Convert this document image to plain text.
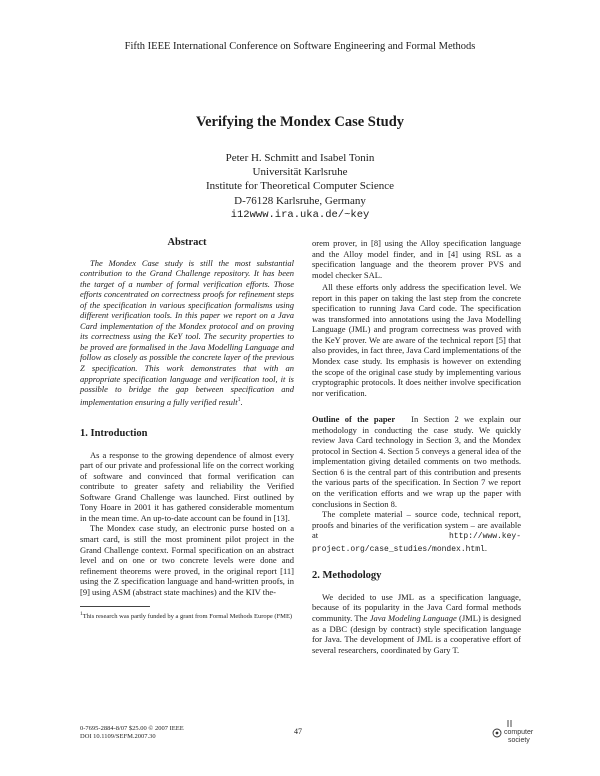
Fifth IEEE International Conference on Software Engineering and Formal Methods
Verifying the Mondex Case Study
Peter H. Schmitt and Isabel Tonin
Universität Karlsruhe
Institute for Theoretical Computer Science
D-76128 Karlsruhe, Germany
i12www.ira.uka.de/~key
Abstract

The Mondex Case study is still the most substantial contribution to the Grand Challenge repository. It has been the target of a number of formal verification efforts. Those efforts concentrated on correctness proofs for refinement steps of the specification in various specification formalisms using different verification tools. In this paper we report on a Java Card implementation of the Mondex protocol and on proving its correctness using the KeY tool. The security properties to be proved are formalised in the Java Modelling Language and follow as closely as possible the concrete layer of the previous Z specification. This work demonstrates that with an appropriate specification language and verification tool, it is possible to bridge the gap between specification and implementation ensuring a fully verified result$^1$.

1. Introduction

As a response to the growing dependence of almost every part of our private and professional life on the correct working of software and convinced that formal verification can contribute to greater safety and reliability the Verified Software Grand Challenge was launched. First outlined by Tony Hoare in 2001 it has gathered considerable momentum in the mean time. An up-to-date account can be found in [13].

The Mondex case study, an electronic purse hosted on a smart card, is still the most prominent pilot project in the Grand Challenge context. Formal specification on an abstract level and on one or two concrete levels were done and refinement theorems were proved, in the original report [11] using the Z specification language and hand-written proofs, in [9] using ASM (abstract state machines) and the KIV the-

$^1$This research was partly funded by a grant from Formal Methods Europe (FME)

orem prover, in [8] using the Alloy specification language and the Alloy model finder, and in [4] using RSL as a specification language and the theorem prover PVS and model checker SAL.

All these efforts only address the specification level. We report in this paper on taking the last step from the concrete specification to running Java Card code. The specification was transformed into annotations using the Java Modelling Language (JML) and program correctness was proved with the KeY prover. We are aware of the technical report [5] that also provides, in fact three, Java Card implementations of the Mondex case study. Its emphasis is however on extending the scope of the original case study by implementing various cryptographic protocols. It does neither involve specification nor verification.

Outline of the paper In Section 2 we explain our methodology in conducting the case study. We quickly review Java Card technology in Section 3, and the Mondex protocol in Section 4. Section 5 conveys a general idea of the implementation giving detailed comments on two methods. Section 6 is the central part of this contribution and presents the various parts of the specification. In Section 7 we report on the verification efforts and we wrap up the paper with conclusions in Section 8.

The complete material – source code, technical report, proofs and binaries of the verification system – are available at	http://www.key-project.org/case_studies/mondex.html.

2. Methodology

We decided to use JML as a specification language, because of its popularity in the Java Card formal methods community. The Java Modeling Language (JML) is designed as a DBC (design by contract) style specification language for Java. The development of JML is a cooperative effort of several researchers, coordinated by Gary T.

0-7695-2884-8/07 $25.00 © 2007 IEEE
DOI 10.1109/SEFM.2007.30
47	computer
society
